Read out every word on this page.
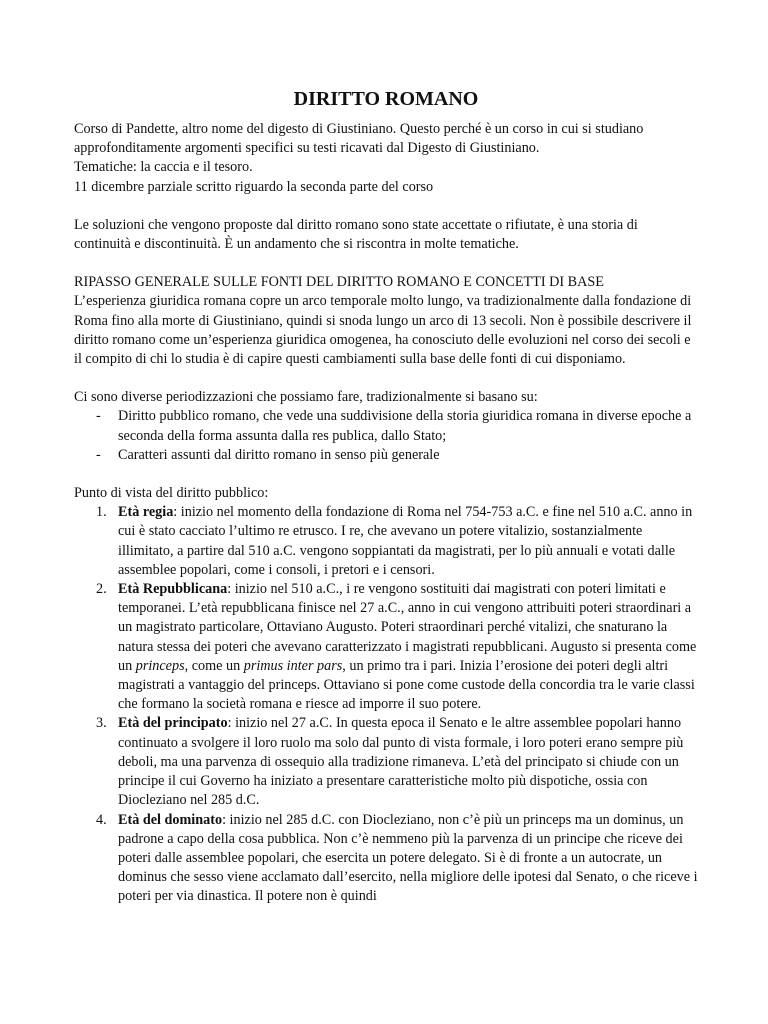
DIRITTO ROMANO

Corso di Pandette, altro nome del digesto di Giustiniano. Questo perché è un corso in cui si studiano approfonditamente argomenti specifici su testi ricavati dal Digesto di Giustiniano.

Tematiche: la caccia e il tesoro.

11 dicembre parziale scritto riguardo la seconda parte del corso

Le soluzioni che vengono proposte dal diritto romano sono state accettate o rifiutate, è una storia di continuità e discontinuità. È un andamento che si riscontra in molte tematiche.

RIPASSO GENERALE SULLE FONTI DEL DIRITTO ROMANO E CONCETTI DI BASE

L’esperienza giuridica romana copre un arco temporale molto lungo, va tradizionalmente dalla fondazione di Roma fino alla morte di Giustiniano, quindi si snoda lungo un arco di 13 secoli. Non è possibile descrivere il diritto romano come un’esperienza giuridica omogenea, ha conosciuto delle evoluzioni nel corso dei secoli e il compito di chi lo studia è di capire questi cambiamenti sulla base delle fonti di cui disponiamo.

Ci sono diverse periodizzazioni che possiamo fare, tradizionalmente si basano su:

- Diritto pubblico romano, che vede una suddivisione della storia giuridica romana in diverse epoche a seconda della forma assunta dalla res publica, dallo Stato;
- Caratteri assunti dal diritto romano in senso più generale

Punto di vista del diritto pubblico:

1. Età regia: inizio nel momento della fondazione di Roma nel 754-753 a.C. e fine nel 510 a.C. anno in cui è stato cacciato l’ultimo re etrusco. I re, che avevano un potere vitalizio, sostanzialmente illimitato, a partire dal 510 a.C. vengono soppiantati da magistrati, per lo più annuali e votati dalle assemblee popolari, come i consoli, i pretori e i censori.
2. Età Repubblicana: inizio nel 510 a.C., i re vengono sostituiti dai magistrati con poteri limitati e temporanei. L’età repubblicana finisce nel 27 a.C., anno in cui vengono attribuiti poteri straordinari a un magistrato particolare, Ottaviano Augusto. Poteri straordinari perché vitalizi, che snaturano la natura stessa dei poteri che avevano caratterizzato i magistrati repubblicani. Augusto si presenta come un princeps, come un primus inter pars, un primo tra i pari. Inizia l’erosione dei poteri degli altri magistrati a vantaggio del princeps. Ottaviano si pone come custode della concordia tra le varie classi che formano la società romana e riesce ad imporre il suo potere.
3. Età del principato: inizio nel 27 a.C. In questa epoca il Senato e le altre assemblee popolari hanno continuato a svolgere il loro ruolo ma solo dal punto di vista formale, i loro poteri erano sempre più deboli, ma una parvenza di ossequio alla tradizione rimaneva. L’età del principato si chiude con un principe il cui Governo ha iniziato a presentare caratteristiche molto più dispotiche, ossia con Diocleziano nel 285 d.C.
4. Età del dominato: inizio nel 285 d.C. con Diocleziano, non c’è più un princeps ma un dominus, un padrone a capo della cosa pubblica. Non c’è nemmeno più la parvenza di un principe che riceve dei poteri dalle assemblee popolari, che esercita un potere delegato. Si è di fronte a un autocrate, un dominus che sesso viene acclamato dall’esercito, nella migliore delle ipotesi dal Senato, o che riceve i poteri per via dinastica. Il potere non è quindi
